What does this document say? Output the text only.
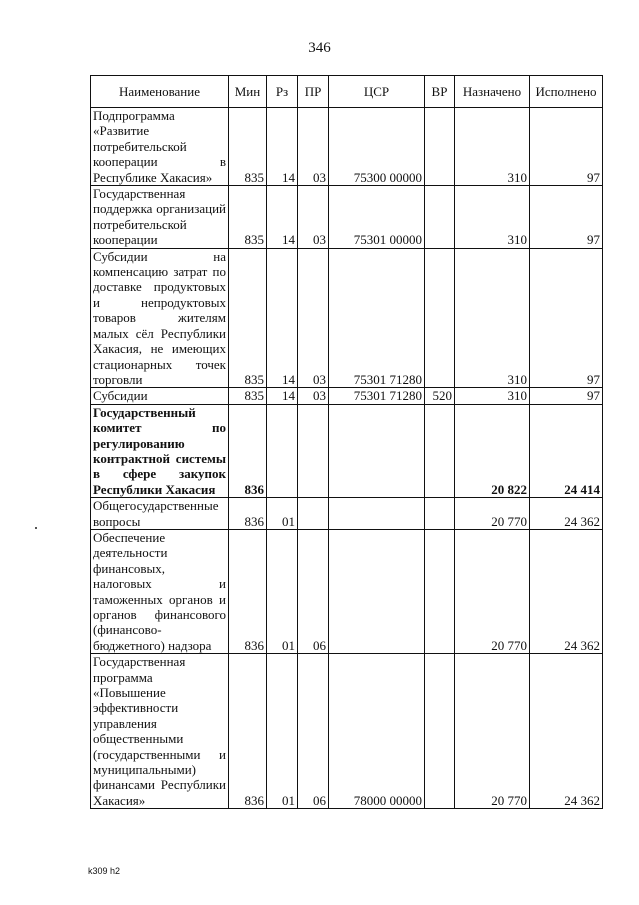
346
Наименование	Мин	Рз	ПР	ЦСР	ВР	Назначено	Исполнено
Подпрограмма «Развитие потребительской кооперации в Республике Хакасия»	835	14	03	75300 00000		310	97
Государственная поддержка организаций потребительской кооперации	835	14	03	75301 00000		310	97
Субсидии на компенсацию затрат по доставке продуктовых и непродуктовых товаров жителям малых сёл Республики Хакасия, не имеющих стационарных точек торговли	835	14	03	75301 71280		310	97
Субсидии	835	14	03	75301 71280	520	310	97
Государственный комитет по регулированию контрактной системы в сфере закупок Республики Хакасия	836					20 822	24 414
Общегосударственные вопросы	836	01				20 770	24 362
Обеспечение деятельности финансовых, налоговых и таможенных органов и органов финансового (финансово-бюджетного) надзора	836	01	06			20 770	24 362
Государственная программа «Повышение эффективности управления общественными (государственными и муниципальными) финансами Республики Хакасия»	836	01	06	78000 00000		20 770	24 362
k309 h2
